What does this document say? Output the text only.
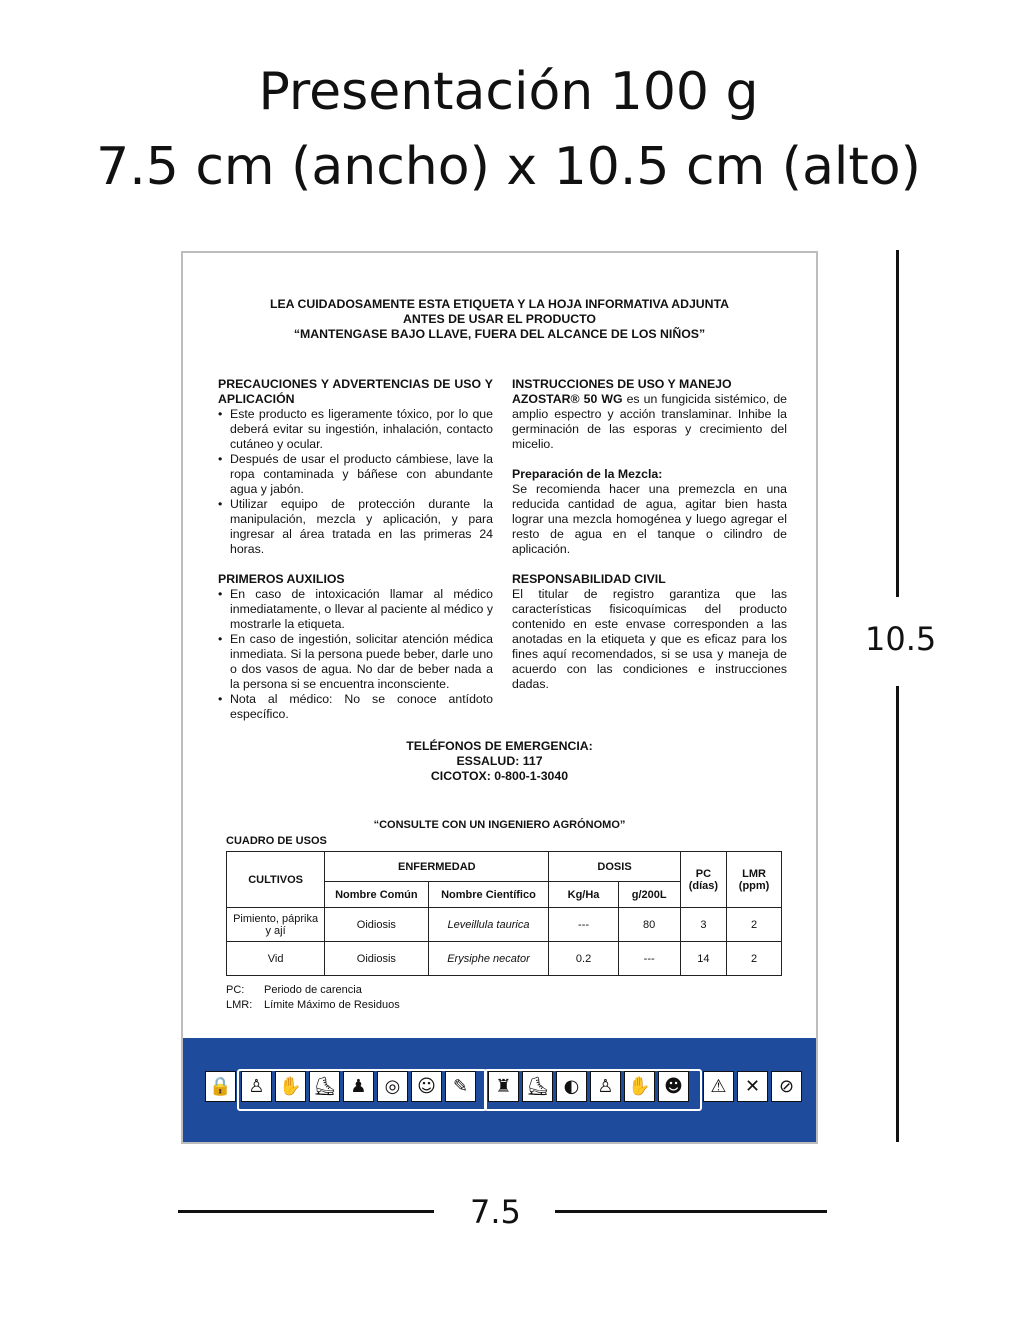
Presentación 100 g
7.5 cm (ancho) x 10.5 cm (alto)
LEA CUIDADOSAMENTE ESTA ETIQUETA Y LA HOJA INFORMATIVA ADJUNTA
ANTES DE USAR EL PRODUCTO
“MANTENGASE BAJO LLAVE, FUERA DEL ALCANCE DE LOS NIÑOS”
PRECAUCIONES Y ADVERTENCIAS DE USO Y APLICACIÓN
• Este producto es ligeramente tóxico, por lo que deberá evitar su ingestión, inhalación, contacto cutáneo y ocular.
• Después de usar el producto cámbiese, lave la ropa contaminada y báñese con abundante agua y jabón.
• Utilizar equipo de protección durante la manipulación, mezcla y aplicación, y para ingresar al área tratada en las primeras 24 horas.
PRIMEROS AUXILIOS
• En caso de intoxicación llamar al médico inmediatamente, o llevar al paciente al médico y mostrarle la etiqueta.
• En caso de ingestión, solicitar atención médica inmediata. Si la persona puede beber, darle uno o dos vasos de agua. No dar de beber nada a la persona si se encuentra inconsciente.
• Nota al médico: No se conoce antídoto específico.
INSTRUCCIONES DE USO Y MANEJO
AZOSTAR® 50 WG es un fungicida sistémico, de amplio espectro y acción translaminar. Inhibe la germinación de las esporas y crecimiento del micelio.
Preparación de la Mezcla:
Se recomienda hacer una premezcla en una reducida cantidad de agua, agitar bien hasta lograr una mezcla homogénea y luego agregar el resto de agua en el tanque o cilindro de aplicación.
RESPONSABILIDAD CIVIL
El titular de registro garantiza que las características fisicoquímicas del producto contenido en este envase corresponden a las anotadas en la etiqueta y que es eficaz para los fines aquí recomendados, si se usa y maneja de acuerdo con las condiciones e instrucciones dadas.
TELÉFONOS DE EMERGENCIA:
ESSALUD: 117
CICOTOX: 0-800-1-3040
“CONSULTE CON UN INGENIERO AGRÓNOMO”
CUADRO DE USOS
CULTIVOS	ENFERMEDAD		DOSIS		PC (días)	LMR (ppm)
	Nombre Común	Nombre Científico	Kg/Ha	g/200L		
Pimiento, páprika y ají	Oidiosis	Leveillula taurica	---	80	3	2
Vid	Oidiosis	Erysiphe necator	0.2	---	14	2
PC: Periodo de carencia
LMR: Límite Máximo de Residuos
🔒 ♙ ✋ ⛸ ♟	◎ ☺ ✎	♜ ⛸ ◐	♙ ✋ ☻	⚠	✕	⊘
10.5
7.5
